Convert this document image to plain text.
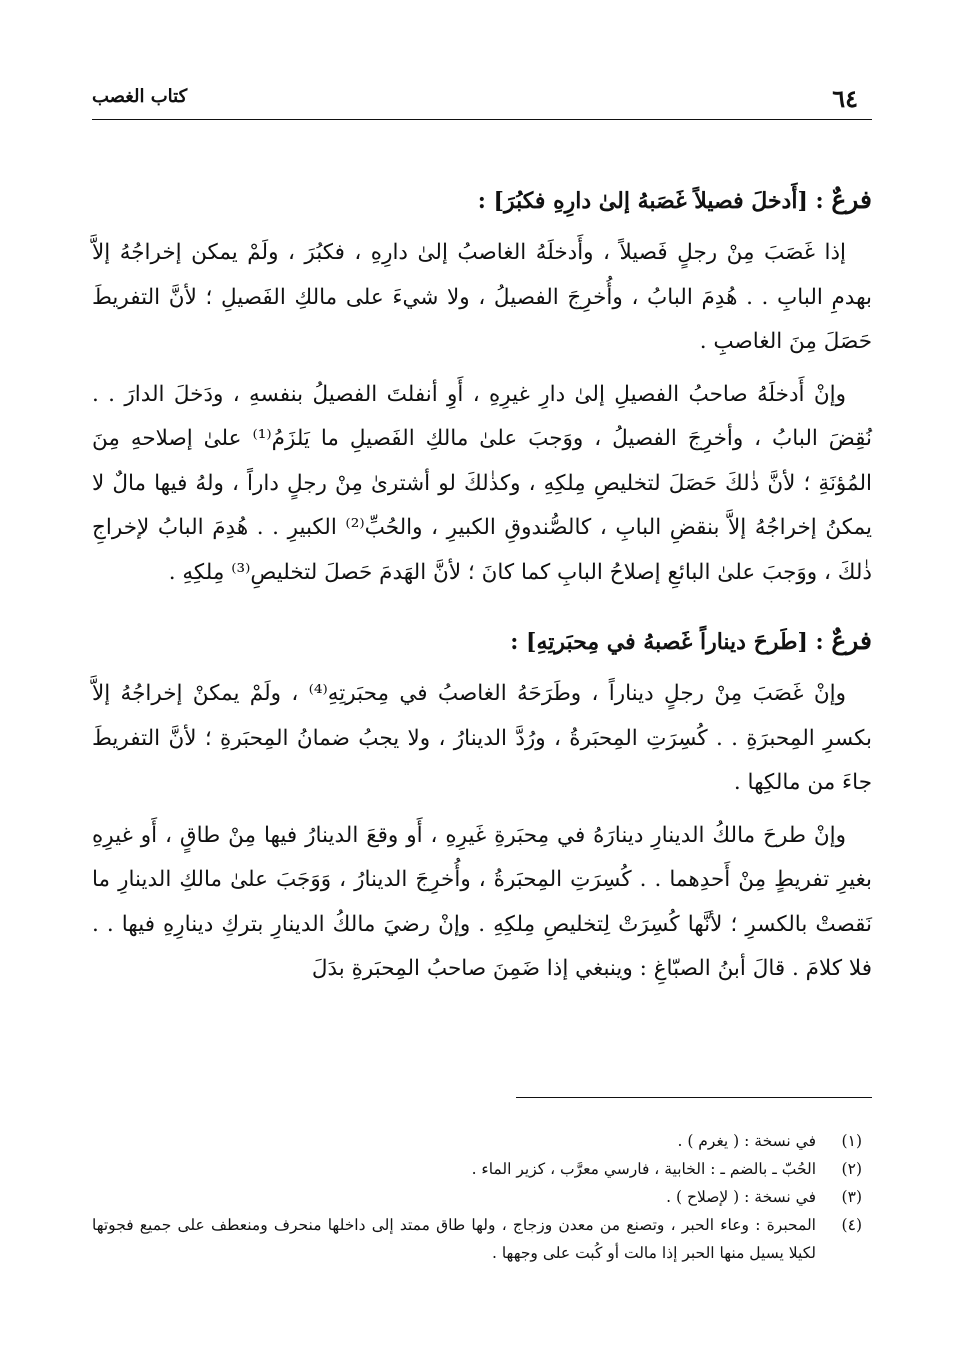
٦٤
كتاب الغصب
فرعٌ : [أَدخلَ فصيلاً غَصَبهُ إلىٰ دارِهِ فكبُرَ] :

إذا غَصَبَ مِنْ رجلٍ فَصيلاً ، وأَدخلَهُ الغاصبُ إلىٰ دارِهِ ، فكبُرَ ، ولَمْ يمكن إخراجُهُ إلاَّ بهدمِ البابِ . . هُدِمَ البابُ ، وأُخرِجَ الفصيلُ ، ولا شيءَ على مالكِ الفَصيلِ ؛ لأنَّ التفريطَ حَصَلَ مِنَ الغاصبِ .

وإنْ أَدخلَهُ صاحبُ الفصيلِ إلىٰ دارِ غيرِهِ ، أَوِ أنفلتَ الفصيلُ بنفسهِ ، ودَخلَ الدارَ . . نُقِضَ البابُ ، وأخرِجَ الفصيلُ ، ووَجبَ علىٰ مالكِ الفَصيلِ ما يَلزَمُ⁽¹⁾ علىٰ إصلاحهِ مِنَ المُؤنَةِ ؛ لأنَّ ذٰلكَ حَصَلَ لتخليصِ مِلكِهِ ، وكذٰلكَ لو أشترىٰ مِنْ رجلٍ داراً ، ولهُ فيها مالٌ لا يمكنُ إخراجُهُ إلاَّ بنقضِ البابِ ، كالصُّندوقِ الكبيرِ ، والحُبِّ⁽²⁾ الكبيرِ . . هُدِمَ البابُ لإخراجِ ذٰلكَ ، ووَجبَ علىٰ البائعِ إصلاحُ البابِ كما كانَ ؛ لأنَّ الهَدمَ حَصلَ لتخليصِ⁽³⁾ مِلكِهِ .

فرعٌ : [طَرحَ ديناراً غَصبهُ في مِحبَرتِهِ] :

وإنْ غَصَبَ مِنْ رجلٍ ديناراً ، وطَرَحَهُ الغاصبُ في مِحبَرتِهِ⁽⁴⁾ ، ولَمْ يمكنْ إخراجُهُ إلاَّ بكسرِ المِحبرَةِ . . كُسِرَتِ المِحبَرةُ ، ورُدَّ الدينارُ ، ولا يجبُ ضمانُ المِحبَرةِ ؛ لأنَّ التفريطَ جاءَ من مالكِها .

وإنْ طرحَ مالكُ الدينارِ دينارَهُ في مِحبَرةِ غَيرِهِ ، أَو وقعَ الدينارُ فيها مِنْ طاقٍ ، أَو غيرِهِ بغيرِ تفريطٍ مِنْ أَحدِهما . . كُسِرَتِ المِحبَرةُ ، وأُخرِجَ الدينارُ ، وَوَجَبَ علىٰ مالكِ الدينارِ ما نَقصتْ بالكسرِ ؛ لأنَّها كُسِرَتْ لِتخليصِ مِلكِهِ . وإنْ رضيَ مالكُ الدينارِ بتركِ دينارِهِ فيها . . فلا كلامَ . قالَ أبنُ الصبّاغِ : وينبغي إذا ضَمِنَ صاحبُ المِحبَرةِ بدَلَ

(١)
في نسخة : ( يغرم ) .

(٢)
الحُبّ ـ بالضم ـ : الخابية ، فارسي معرَّب ، كزير الماء .

(٣)
في نسخة : ( لإصلاح ) .

(٤)
المحبرة : وعاء الحبر ، وتصنع من معدن وزجاج ، ولها طاق ممتد إلى داخلها منحرف ومنعطف على جميع فجوتها لكيلا يسيل منها الحبر إذا مالت أو كُبت على وجهها .
